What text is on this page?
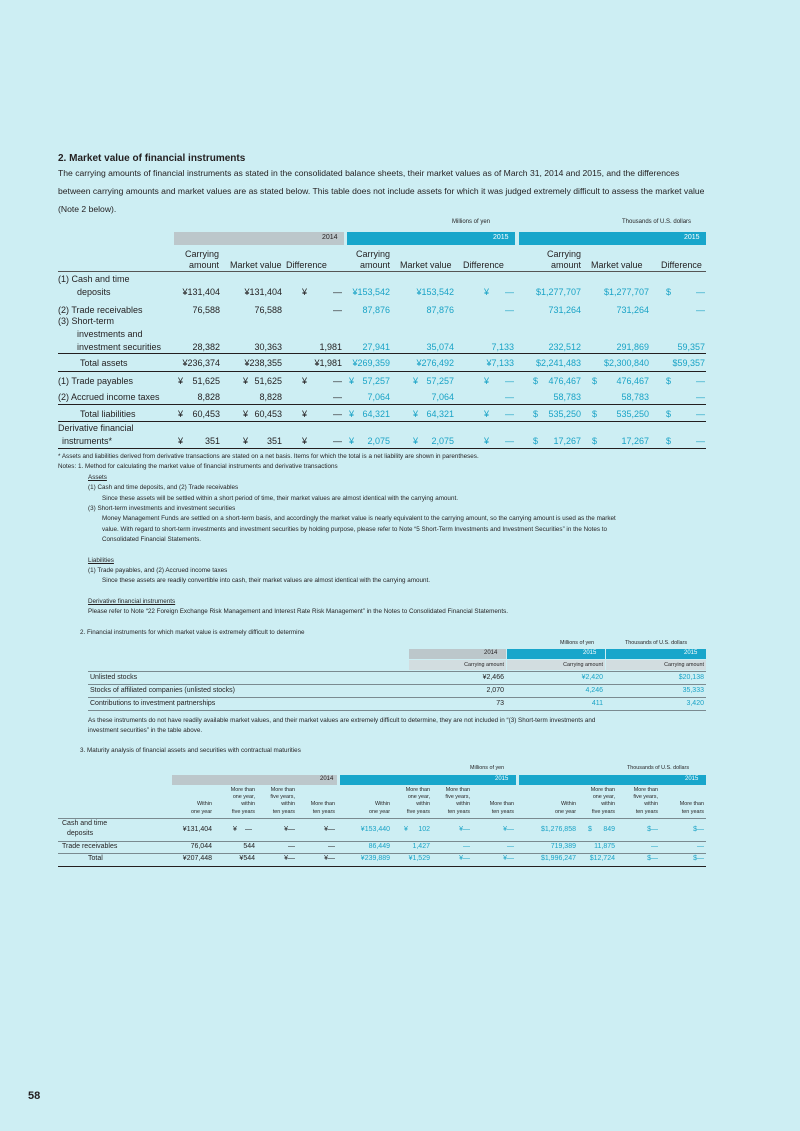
2. Market value of financial instruments
The carrying amounts of financial instruments as stated in the consolidated balance sheets, their market values as of March 31, 2014 and 2015, and the differences between carrying amounts and market values are as stated below. This table does not include assets for which it was judged extremely difficult to assess the market value (Note 2 below).
Millions of yen	Thousands of U.S. dollars
2014	2015	2015
Carrying
amount Market value Difference
Carrying
amount Market value Difference
Carrying
amount Market value Difference
(1) Cash and time
deposits	¥131,404	¥131,404 ¥	—	¥153,542	¥153,542	¥	—	$1,277,707	$1,277,707 $	—
(2) Trade receivables	76,588	76,588	—	87,876	87,876	—	731,264	731,264	—
(3) Short-term
investments and
investment securities	28,382	30,363	1,981	27,941	35,074	7,133	232,512	291,869	59,357
Total assets	¥236,374	¥238,355	¥1,981	¥269,359	¥276,492	¥7,133	$2,241,483	$2,300,840	$59,357
(1) Trade payables	¥	51,625	¥ 51,625 ¥	— ¥ 57,257	¥ 57,257	¥	— $	476,467 $	476,467 $	—
(2) Accrued income taxes	8,828	8,828	—	7,064	7,064	—	58,783	58,783	—
Total liabilities	¥	60,453	¥ 60,453 ¥	— ¥ 64,321	¥ 64,321	¥	— $	535,250 $	535,250 $	—
Derivative financial
instruments*	¥	351	¥	351 ¥	— ¥	2,075	¥	2,075	¥	— $	17,267 $	17,267 $	—
* Assets and liabilities derived from derivative transactions are stated on a net basis. Items for which the total is a net liability are shown in parentheses.
Notes: 1. Method for calculating the market value of financial instruments and derivative transactions
Assets
(1) Cash and time deposits, and (2) Trade receivables
Since these assets will be settled within a short period of time, their market values are almost identical with the carrying amount.
(3) Short-term investments and investment securities
Money Management Funds are settled on a short-term basis, and accordingly the market value is nearly equivalent to the carrying amount, so the carrying amount is used as the market
value. With regard to short-term investments and investment securities by holding purpose, please refer to Note “5 Short-Term Investments and Investment Securities” in the Notes to
Consolidated Financial Statements.
Liabilities
(1) Trade payables, and (2) Accrued income taxes
Since these assets are readily convertible into cash, their market values are almost identical with the carrying amount.
Derivative financial instruments
Please refer to Note “22 Foreign Exchange Risk Management and Interest Rate Risk Management” in the Notes to Consolidated Financial Statements.
2. Financial instruments for which market value is extremely difficult to determine
Millions of yen	Thousands of U.S. dollars
2014	2015	2015
Carrying amount	Carrying amount	Carrying amount
Unlisted stocks	¥2,466	¥2,420	$20,138
Stocks of affiliated companies (unlisted stocks)	2,070	4,246	35,333
Contributions to investment partnerships	73	411	3,420
As these instruments do not have readily available market values, and their market values are extremely difficult to determine, they are not included in “(3) Short-term investments and
investment securities” in the table above.
3. Maturity analysis of financial assets and securities with contractual maturities
Millions of yen	Thousands of U.S. dollars
2014	2015	2015
Within
one year
More than
one year,
within
five years
More than
five years,
within
ten years
More than
ten years
Within
one year
More than
one year,
within
five years
More than
five years,
within
ten years
More than
ten years
Within
one year
More than
one year,
within
five years
More than
five years,
within
ten years
More than
ten years
Cash and time
deposits
¥131,404	¥ —	¥—	¥—	¥153,440 ¥	102	¥—	¥—	$1,276,858 $	849	$—	$—
Trade receivables	76,044	544	—	—	86,449	1,427	—	—	719,389	11,875	—	—
Total	¥207,448	¥544	¥—	¥—	¥239,889	¥1,529	¥—	¥—	$1,996,247	$12,724	$—	$—
58
